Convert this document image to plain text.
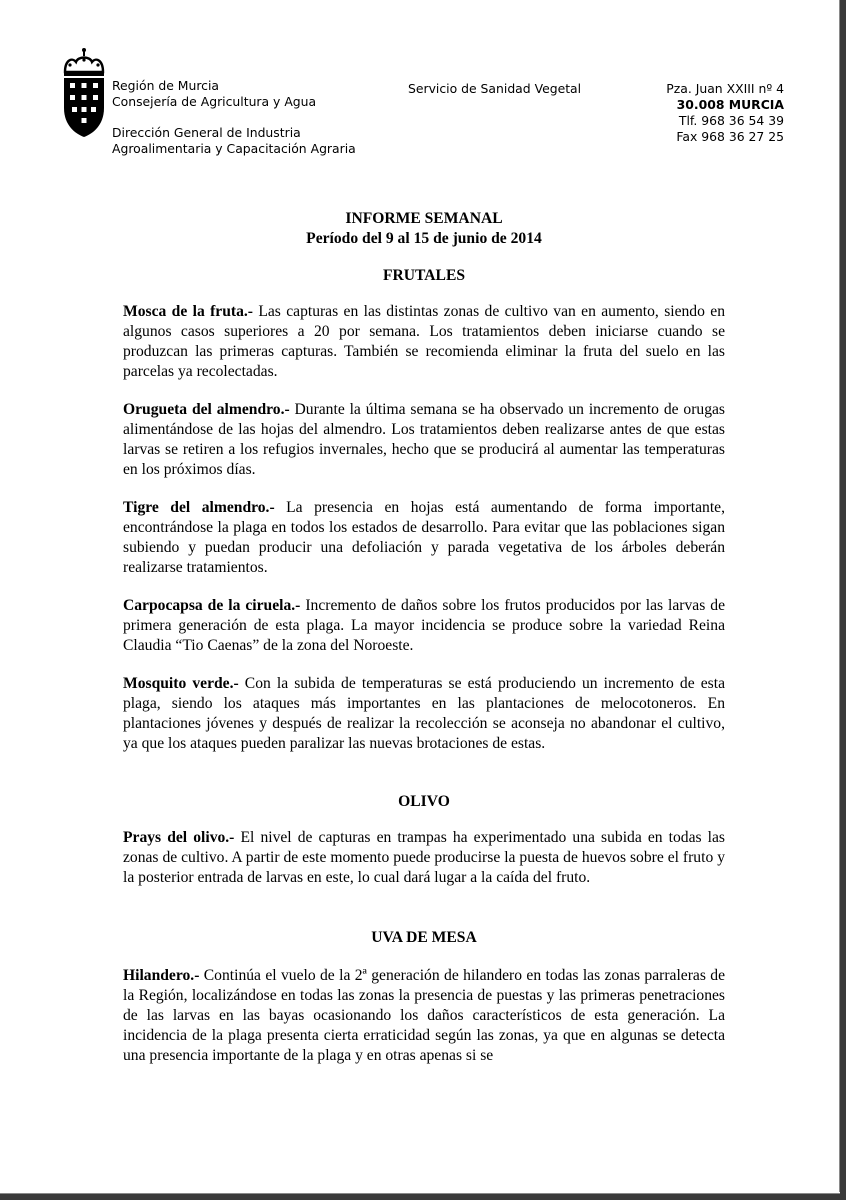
Región de Murcia
Consejería de Agricultura y Agua
Dirección General de Industria
Agroalimentaria y Capacitación Agraria
Servicio de Sanidad Vegetal	Pza. Juan XXIII nº 4
30.008 MURCIA
Tlf. 968 36 54 39
Fax 968 36 27 25
INFORME SEMANAL
Período del 9 al 15 de junio de 2014
FRUTALES

Mosca de la fruta.- Las capturas en las distintas zonas de cultivo van en aumento, siendo en algunos casos superiores a 20 por semana. Los tratamientos deben iniciarse cuando se produzcan las primeras capturas. También se recomienda eliminar la fruta del suelo en las parcelas ya recolectadas.

Orugueta del almendro.- Durante la última semana se ha observado un incremento de orugas alimentándose de las hojas del almendro. Los tratamientos deben realizarse antes de que estas larvas se retiren a los refugios invernales, hecho que se producirá al aumentar las temperaturas en los próximos días.

Tigre del almendro.- La presencia en hojas está aumentando de forma importante, encontrándose la plaga en todos los estados de desarrollo. Para evitar que las poblaciones sigan subiendo y puedan producir una defoliación y parada vegetativa de los árboles deberán realizarse tratamientos.

Carpocapsa de la ciruela.- Incremento de daños sobre los frutos producidos por las larvas de primera generación de esta plaga. La mayor incidencia se produce sobre la variedad Reina Claudia “Tio Caenas” de la zona del Noroeste.

Mosquito verde.- Con la subida de temperaturas se está produciendo un incremento de esta plaga, siendo los ataques más importantes en las plantaciones de melocotoneros. En plantaciones jóvenes y después de realizar la recolección se aconseja no abandonar el cultivo, ya que los ataques pueden paralizar las nuevas brotaciones de estas.

OLIVO

Prays del olivo.- El nivel de capturas en trampas ha experimentado una subida en todas las zonas de cultivo. A partir de este momento puede producirse la puesta de huevos sobre el fruto y la posterior entrada de larvas en este, lo cual dará lugar a la caída del fruto.

UVA DE MESA

Hilandero.- Continúa el vuelo de la 2ª generación de hilandero en todas las zonas parraleras de la Región, localizándose en todas las zonas la presencia de puestas y las primeras penetraciones de las larvas en las bayas ocasionando los daños característicos de esta generación. La incidencia de la plaga presenta cierta erraticidad según las zonas, ya que en algunas se detecta una presencia importante de la plaga y en otras apenas si se
